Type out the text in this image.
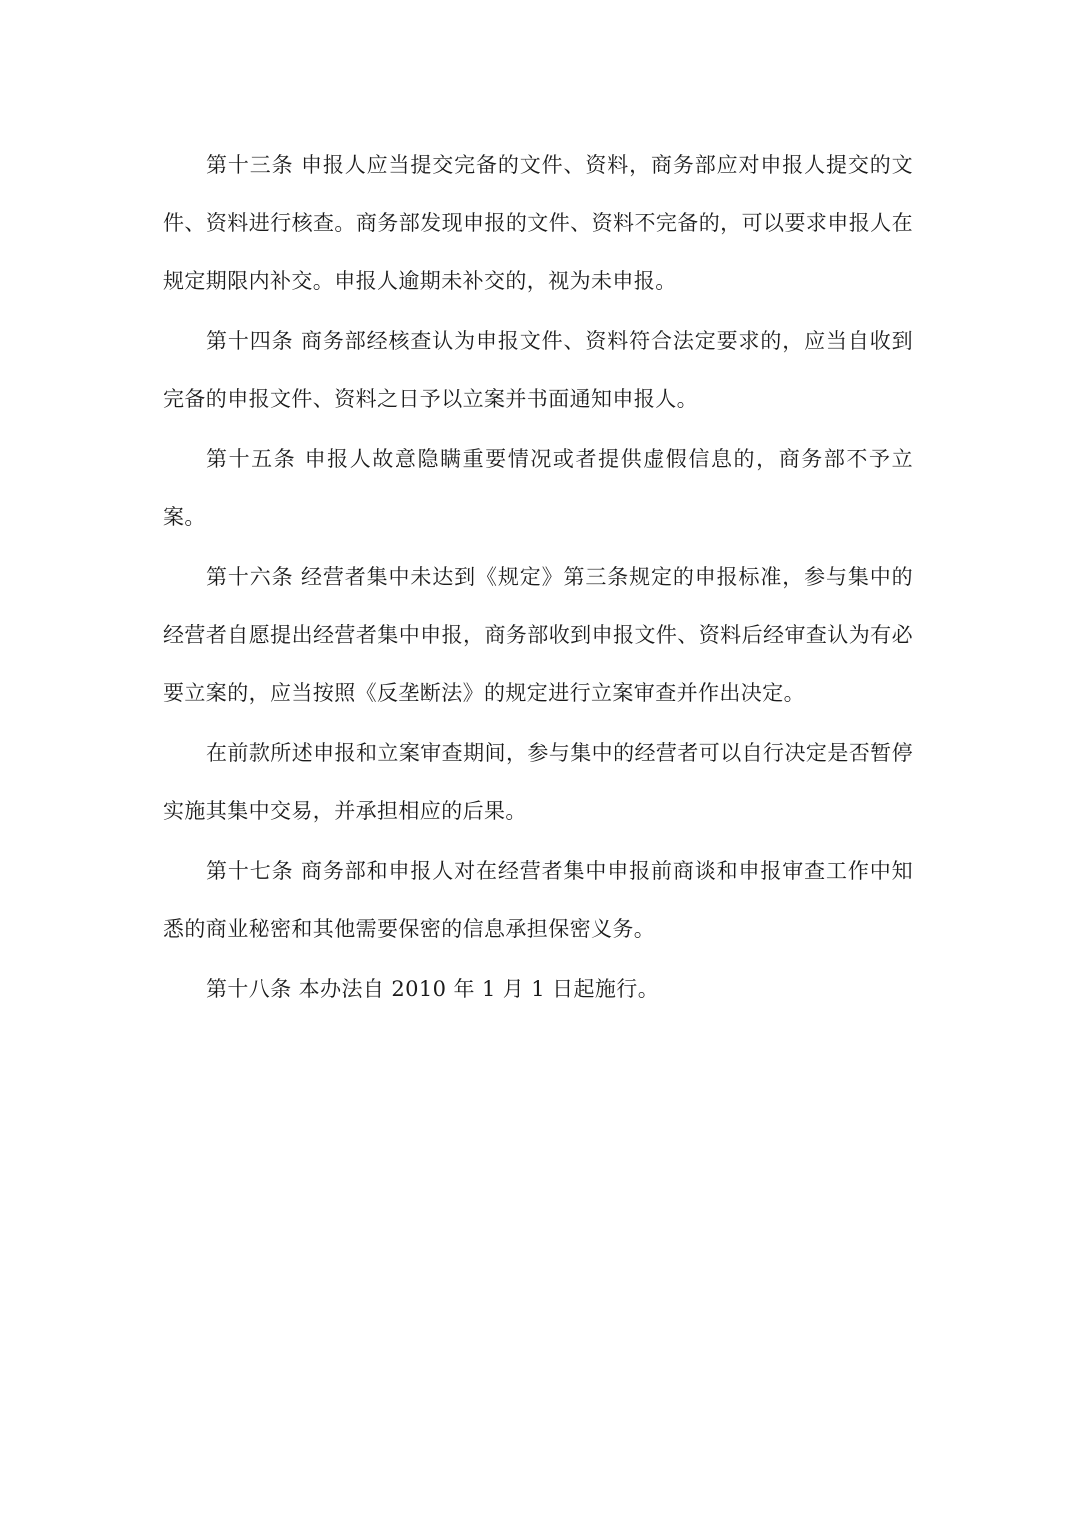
第十三条 申报人应当提交完备的文件、资料，商务部应对申报人提交的文件、资料进行核查。商务部发现申报的文件、资料不完备的，可以要求申报人在规定期限内补交。申报人逾期未补交的，视为未申报。

第十四条 商务部经核查认为申报文件、资料符合法定要求的，应当自收到完备的申报文件、资料之日予以立案并书面通知申报人。

第十五条 申报人故意隐瞒重要情况或者提供虚假信息的，商务部不予立案。

第十六条 经营者集中未达到《规定》第三条规定的申报标准，参与集中的经营者自愿提出经营者集中申报，商务部收到申报文件、资料后经审查认为有必要立案的，应当按照《反垄断法》的规定进行立案审查并作出决定。

在前款所述申报和立案审查期间，参与集中的经营者可以自行决定是否暂停实施其集中交易，并承担相应的后果。

第十七条 商务部和申报人对在经营者集中申报前商谈和申报审查工作中知悉的商业秘密和其他需要保密的信息承担保密义务。

第十八条 本办法自 2010 年 1 月 1 日起施行。
